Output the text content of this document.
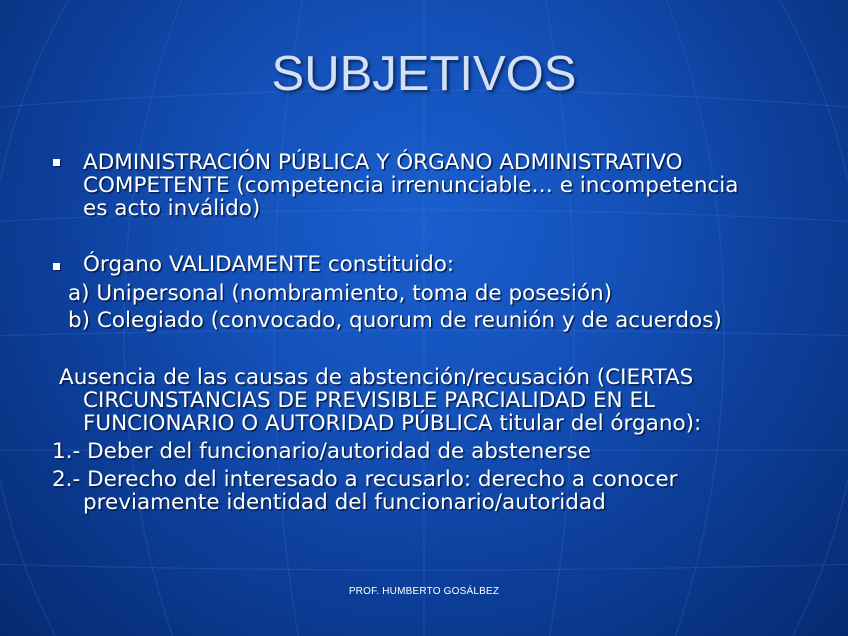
SUBJETIVOS
ADMINISTRACIÓN PÚBLICA Y ÓRGANO ADMINISTRATIVO
COMPETENTE (competencia irrenunciable… e incompetencia
es acto inválido)
Órgano VALIDAMENTE constituido:
a) Unipersonal (nombramiento, toma de posesión)
b) Colegiado (convocado, quorum de reunión y de acuerdos)
Ausencia de las causas de abstención/recusación (CIERTAS
CIRCUNSTANCIAS DE PREVISIBLE PARCIALIDAD EN EL
FUNCIONARIO O AUTORIDAD PÚBLICA titular del órgano):
1.- Deber del funcionario/autoridad de abstenerse
2.- Derecho del interesado a recusarlo: derecho a conocer
previamente identidad del funcionario/autoridad
PROF. HUMBERTO GOSÁLBEZ
